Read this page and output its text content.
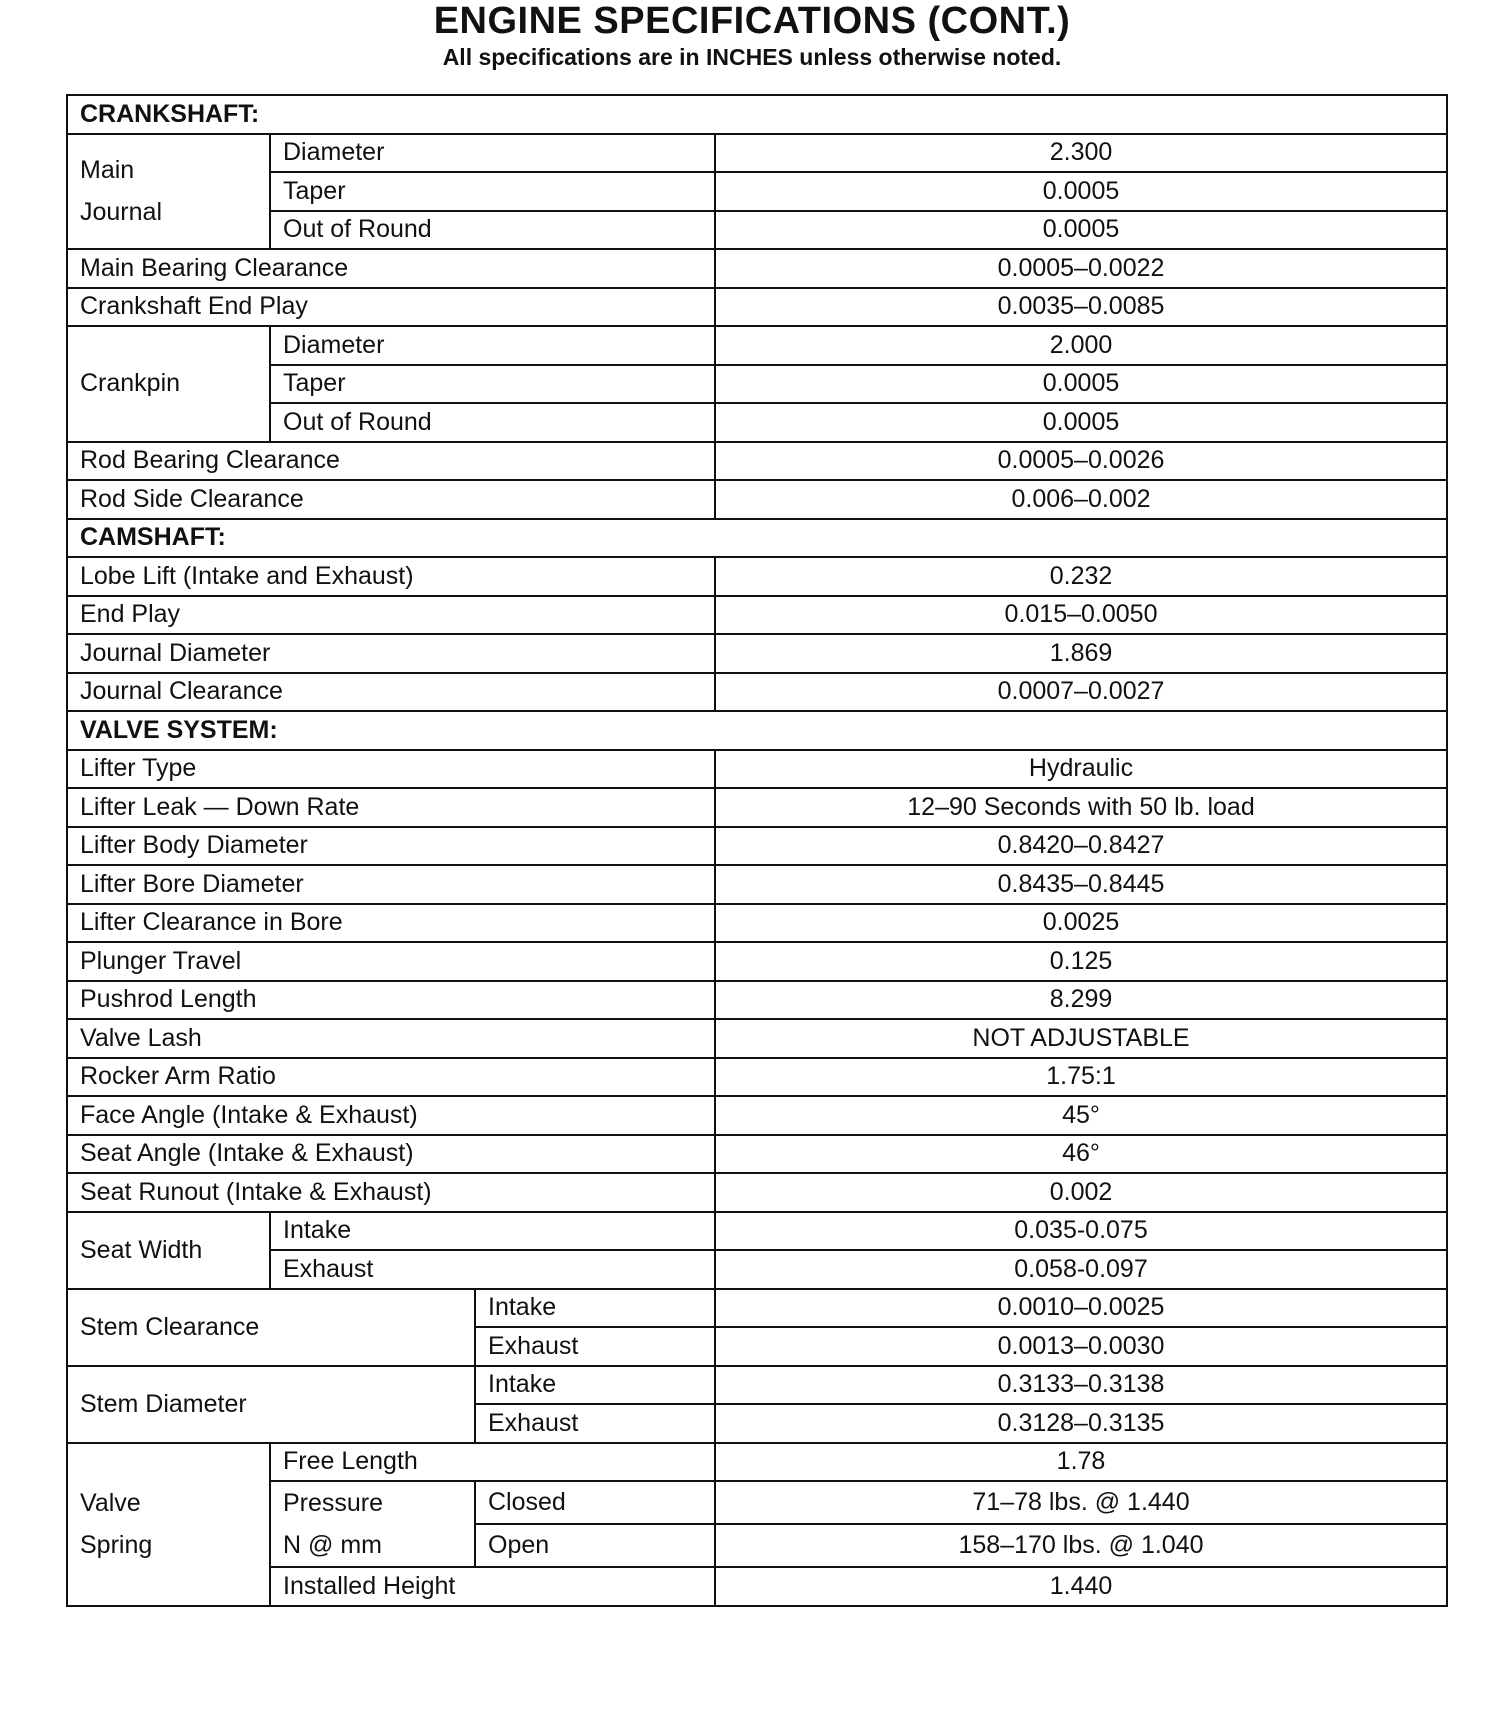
ENGINE SPECIFICATIONS (CONT.)
All specifications are in INCHES unless otherwise noted.
CRANKSHAFT:			
Main
Journal	Diameter		2.300
	Taper		0.0005
	Out of Round		0.0005
Main Bearing Clearance			0.0005–0.0022
Crankshaft End Play			0.0035–0.0085
Crankpin	Diameter		2.000
	Taper		0.0005
	Out of Round		0.0005
Rod Bearing Clearance			0.0005–0.0026
Rod Side Clearance			0.006–0.002
CAMSHAFT:			
Lobe Lift (Intake and Exhaust)			0.232
End Play			0.015–0.0050
Journal Diameter			1.869
Journal Clearance			0.0007–0.0027
VALVE SYSTEM:			
Lifter Type			Hydraulic
Lifter Leak — Down Rate			12–90 Seconds with 50 lb. load
Lifter Body Diameter			0.8420–0.8427
Lifter Bore Diameter			0.8435–0.8445
Lifter Clearance in Bore			0.0025
Plunger Travel			0.125
Pushrod Length			8.299
Valve Lash			NOT ADJUSTABLE
Rocker Arm Ratio			1.75:1
Face Angle (Intake & Exhaust)			45°
Seat Angle (Intake & Exhaust)			46°
Seat Runout (Intake & Exhaust)			0.002
Seat Width	Intake		0.035-0.075
	Exhaust		0.058-0.097
Stem Clearance		Intake	0.0010–0.0025
		Exhaust	0.0013–0.0030
Stem Diameter		Intake	0.3133–0.3138
		Exhaust	0.3128–0.3135
Valve
Spring	Free Length		1.78
	Pressure
N @ mm	Closed	71–78 lbs. @ 1.440
		Open	158–170 lbs. @ 1.040
	Installed Height		1.440
